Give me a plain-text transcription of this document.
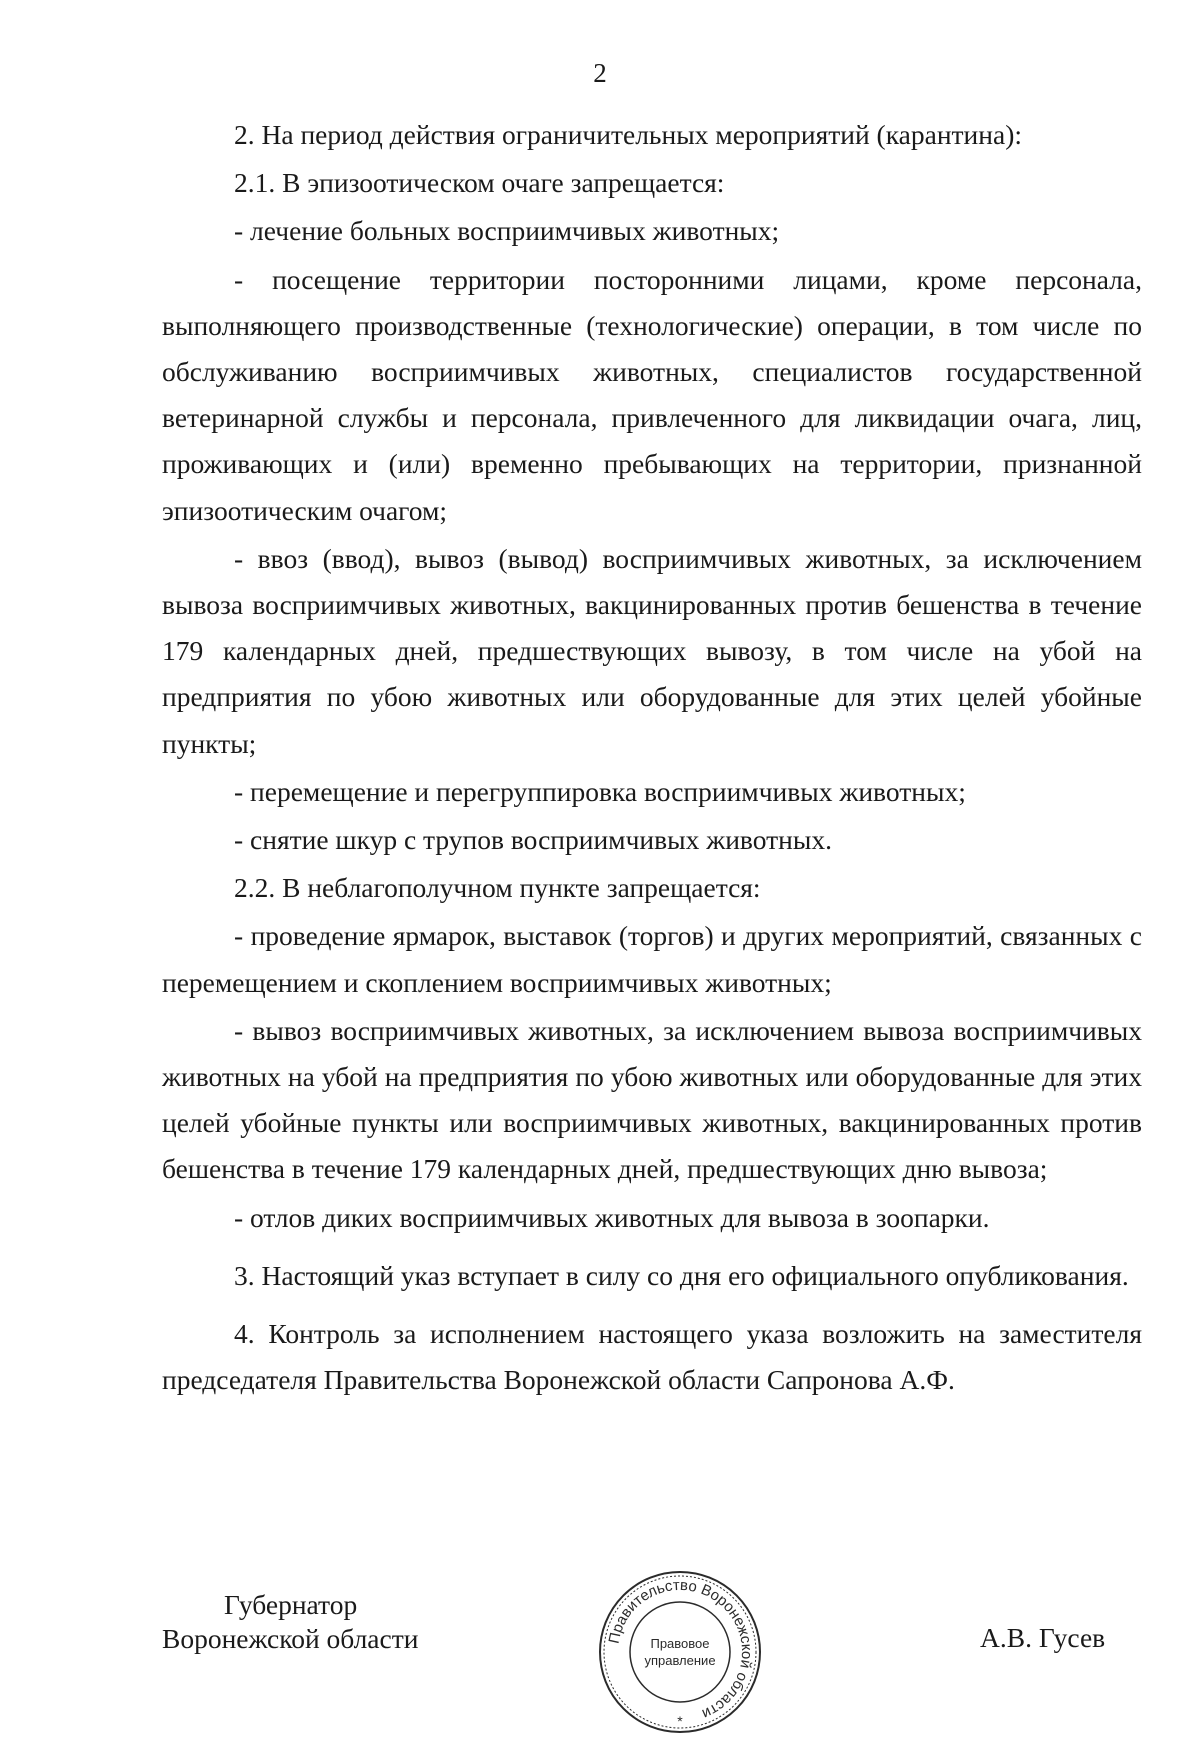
2

2. На период действия ограничительных мероприятий (карантина):

2.1. В эпизоотическом очаге запрещается:

- лечение больных восприимчивых животных;

- посещение территории посторонними лицами, кроме персонала, выполняющего производственные (технологические) операции, в том числе по обслуживанию восприимчивых животных, специалистов государственной ветеринарной службы и персонала, привлеченного для ликвидации очага, лиц, проживающих и (или) временно пребывающих на территории, признанной эпизоотическим очагом;

- ввоз (ввод), вывоз (вывод) восприимчивых животных, за исключением вывоза восприимчивых животных, вакцинированных против бешенства в течение 179 календарных дней, предшествующих вывозу, в том числе на убой на предприятия по убою животных или оборудованные для этих целей убойные пункты;

- перемещение и перегруппировка восприимчивых животных;

- снятие шкур с трупов восприимчивых животных.

2.2. В неблагополучном пункте запрещается:

- проведение ярмарок, выставок (торгов) и других мероприятий, связанных с перемещением и скоплением восприимчивых животных;

- вывоз восприимчивых животных, за исключением вывоза восприимчивых животных на убой на предприятия по убою животных или оборудованные для этих целей убойные пункты или восприимчивых животных, вакцинированных против бешенства в течение 179 календарных дней, предшествующих дню вывоза;

- отлов диких восприимчивых животных для вывоза в зоопарки.

3. Настоящий указ вступает в силу со дня его официального опубликования.

4. Контроль за исполнением настоящего указа возложить на заместителя председателя Правительства Воронежской области Сапронова А.Ф.

Губернатор
Воронежской области	Правительство Воронежской области
Правовое
управление
*
А.В. Гусев
